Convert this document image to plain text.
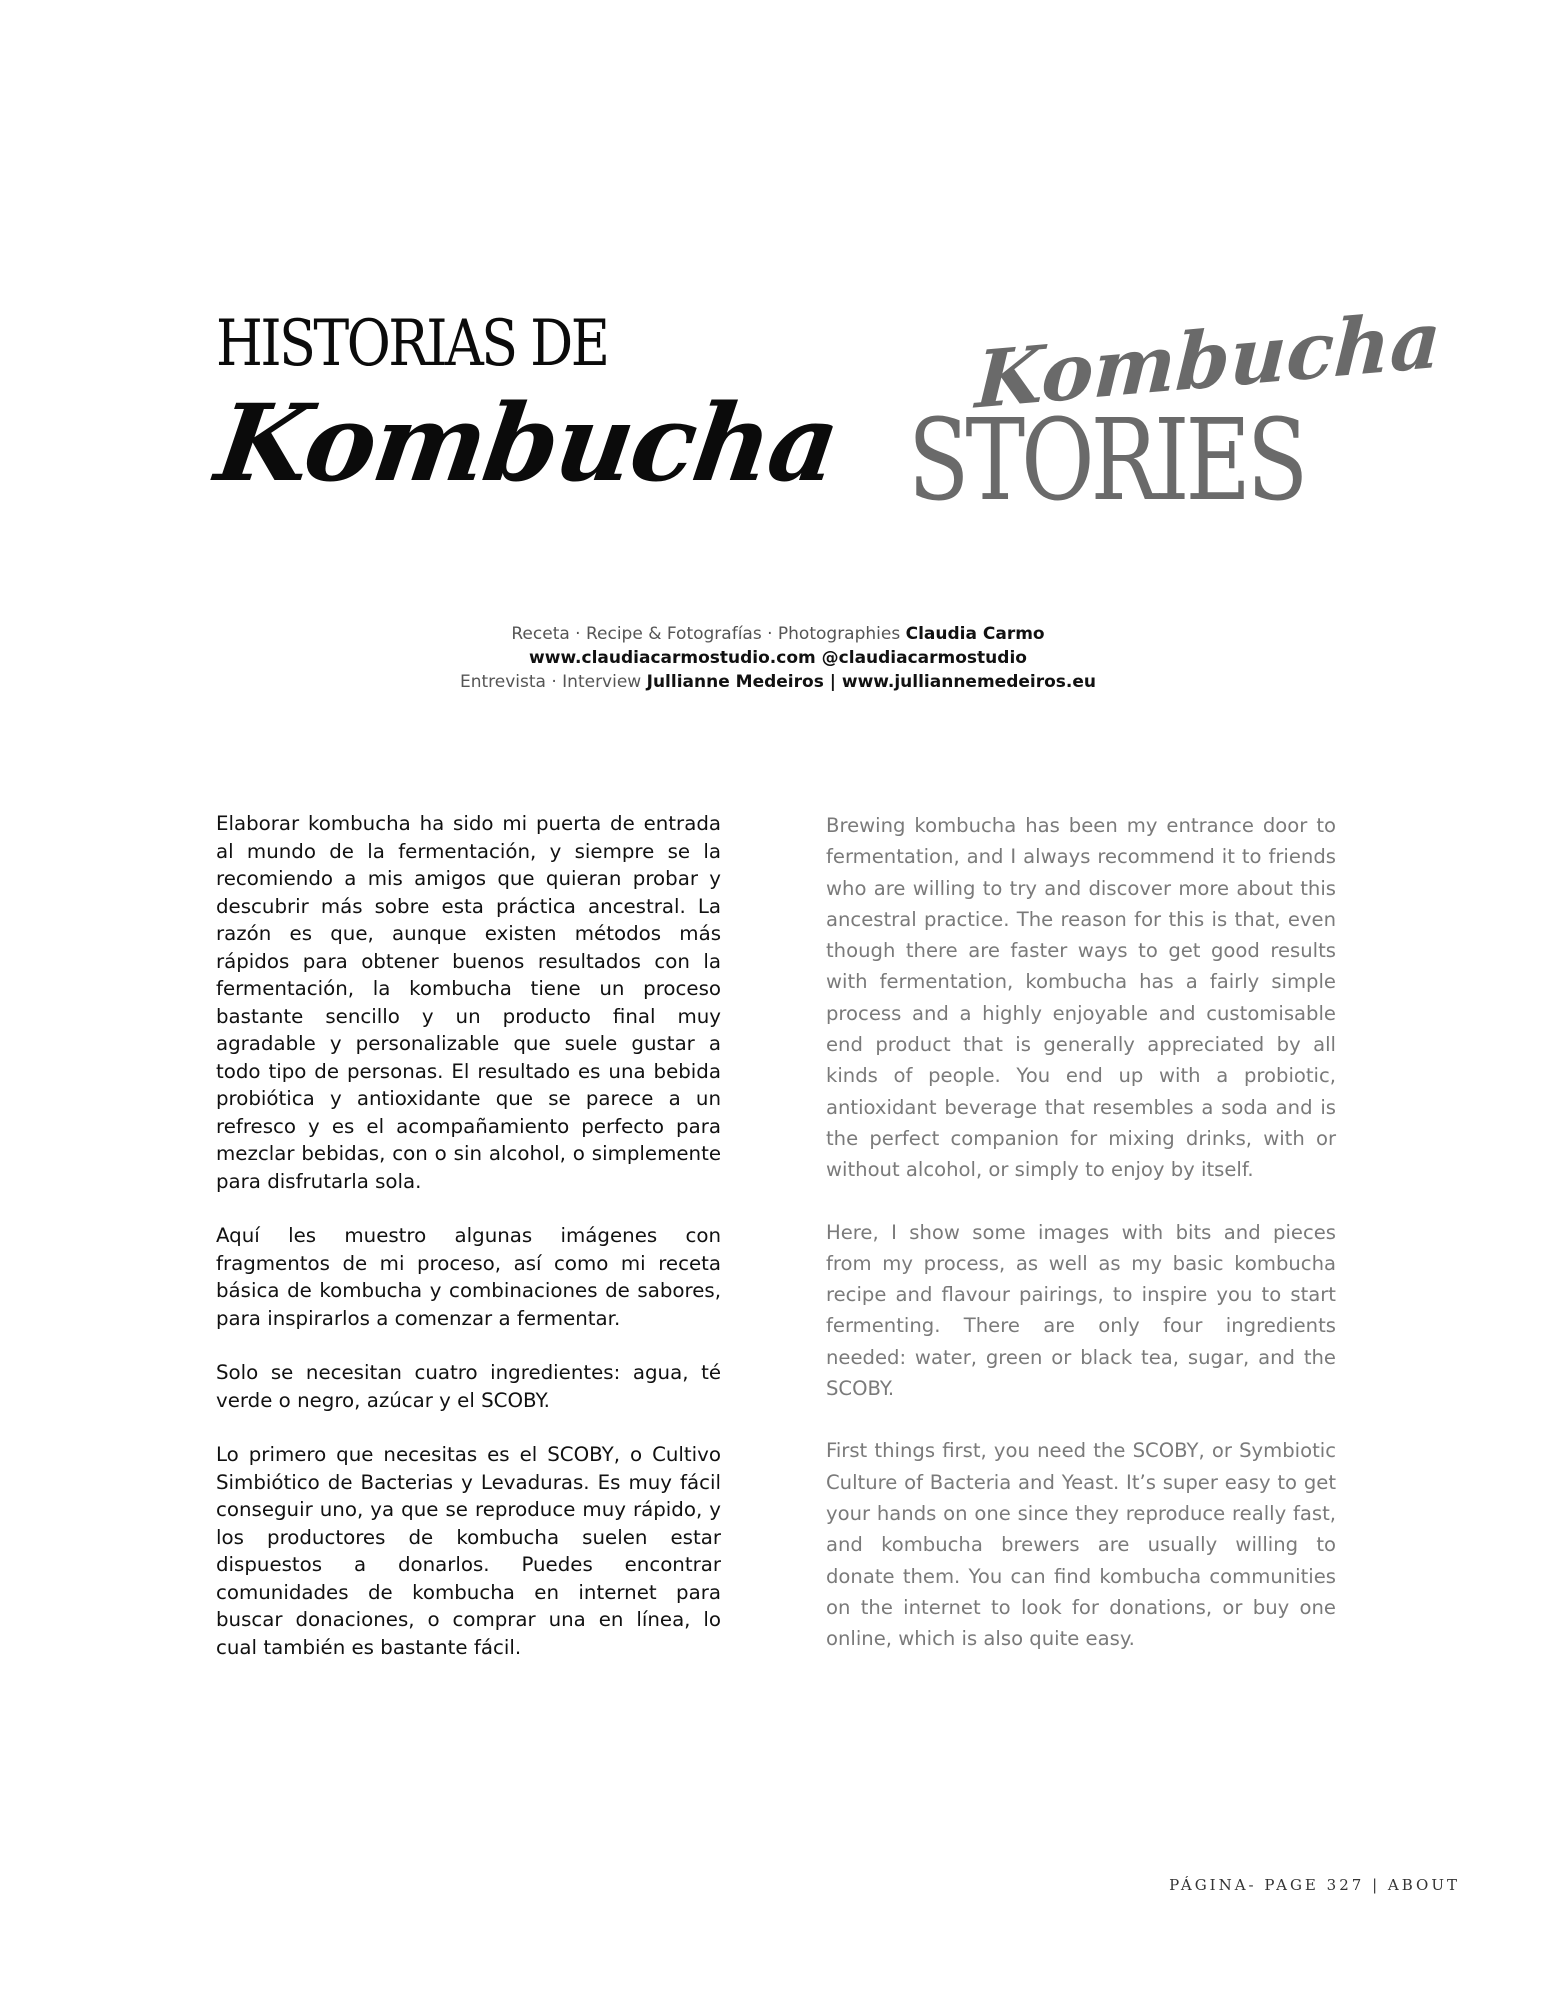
HISTORIAS DE
Kombucha
Kombucha
STORIES
Receta · Recipe & Fotografías · Photographies Claudia Carmo
www.claudiacarmostudio.com @claudiacarmostudio
Entrevista · Interview Jullianne Medeiros | www.julliannemedeiros.eu

Elaborar kombucha ha sido mi puerta de entrada al mundo de la fermentación, y siempre se la recomiendo a mis amigos que quieran probar y descubrir más sobre esta práctica ancestral. La razón es que, aunque existen métodos más rápidos para obtener buenos resultados con la fermentación, la kombucha tiene un proceso bastante sencillo y un producto final muy agradable y personalizable que suele gustar a todo tipo de personas. El resultado es una bebida probiótica y antioxidante que se parece a un refresco y es el acompañamiento perfecto para mezclar bebidas, con o sin alcohol, o simplemente para disfrutarla sola.

Aquí les muestro algunas imágenes con fragmentos de mi proceso, así como mi receta básica de kombucha y combinaciones de sabores, para inspirarlos a comenzar a fermentar.

Solo se necesitan cuatro ingredientes: agua, té verde o negro, azúcar y el SCOBY.

Lo primero que necesitas es el SCOBY, o Cultivo Simbiótico de Bacterias y Levaduras. Es muy fácil conseguir uno, ya que se reproduce muy rápido, y los productores de kombucha suelen estar dispuestos a donarlos. Puedes encontrar comunidades de kombucha en internet para buscar donaciones, o comprar una en línea, lo cual también es bastante fácil.

Brewing kombucha has been my entrance door to fermentation, and I always recommend it to friends who are willing to try and discover more about this ancestral practice. The reason for this is that, even though there are faster ways to get good results with fermentation, kombucha has a fairly simple process and a highly enjoyable and customisable end product that is generally appreciated by all kinds of people. You end up with a probiotic, antioxidant beverage that resembles a soda and is the perfect companion for mixing drinks, with or without alcohol, or simply to enjoy by itself.

Here, I show some images with bits and pieces from my process, as well as my basic kombucha recipe and flavour pairings, to inspire you to start fermenting. There are only four ingredients needed: water, green or black tea, sugar, and the SCOBY.

First things first, you need the SCOBY, or Symbiotic Culture of Bacteria and Yeast. It’s super easy to get your hands on one since they reproduce really fast, and kombucha brewers are usually willing to donate them. You can find kombucha communities on the internet to look for donations, or buy one online, which is also quite easy.

PÁGINA- PAGE 327 | ABOUT
